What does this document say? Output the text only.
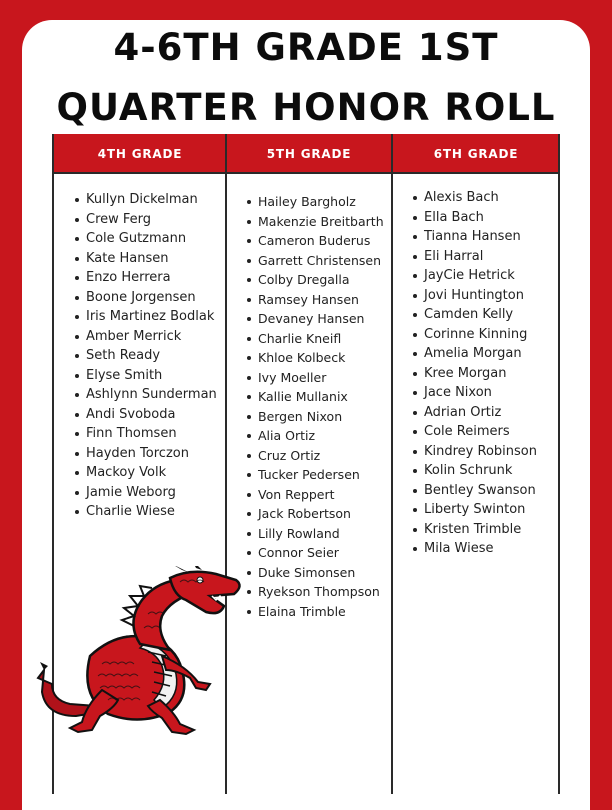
4-6TH GRADE 1ST
QUARTER HONOR ROLL
4TH GRADE	5TH GRADE	6TH GRADE
Kullyn Dickelman
Crew Ferg
Cole Gutzmann
Kate Hansen
Enzo Herrera
Boone Jorgensen
Iris Martinez Bodlak
Amber Merrick
Seth Ready
Elyse Smith
Ashlynn Sunderman
Andi Svoboda
Finn Thomsen
Hayden Torczon
Mackoy Volk
Jamie Weborg
Charlie Wiese
Hailey Bargholz
Makenzie Breitbarth
Cameron Buderus
Garrett Christensen
Colby Dregalla
Ramsey Hansen
Devaney Hansen
Charlie Kneifl
Khloe Kolbeck
Ivy Moeller
Kallie Mullanix
Bergen Nixon
Alia Ortiz
Cruz Ortiz
Tucker Pedersen
Von Reppert
Jack Robertson
Lilly Rowland
Connor Seier
Duke Simonsen
Ryekson Thompson
Elaina Trimble
Alexis Bach
Ella Bach
Tianna Hansen
Eli Harral
JayCie Hetrick
Jovi Huntington
Camden Kelly
Corinne Kinning
Amelia Morgan
Kree Morgan
Jace Nixon
Adrian Ortiz
Cole Reimers
Kindrey Robinson
Kolin Schrunk
Bentley Swanson
Liberty Swinton
Kristen Trimble
Mila Wiese
